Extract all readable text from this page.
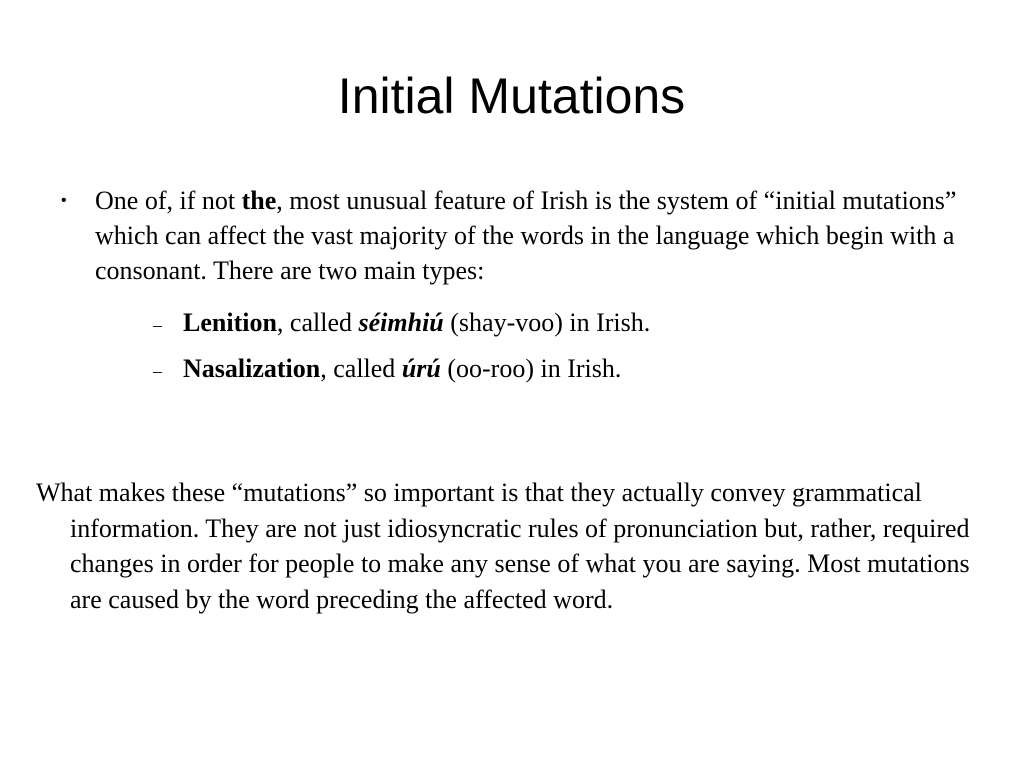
Initial Mutations
• One of, if not the, most unusual feature of Irish is the system of “initial mutations” which can affect the vast majority of the words in the language which begin with a consonant. There are two main types:

– Lenition, called séimhiú (shay-voo) in Irish.
– Nasalization, called úrú (oo-roo) in Irish.

What makes these “mutations” so important is that they actually convey grammatical information. They are not just idiosyncratic rules of pronunciation but, rather, required changes in order for people to make any sense of what you are saying. Most mutations are caused by the word preceding the affected word.
